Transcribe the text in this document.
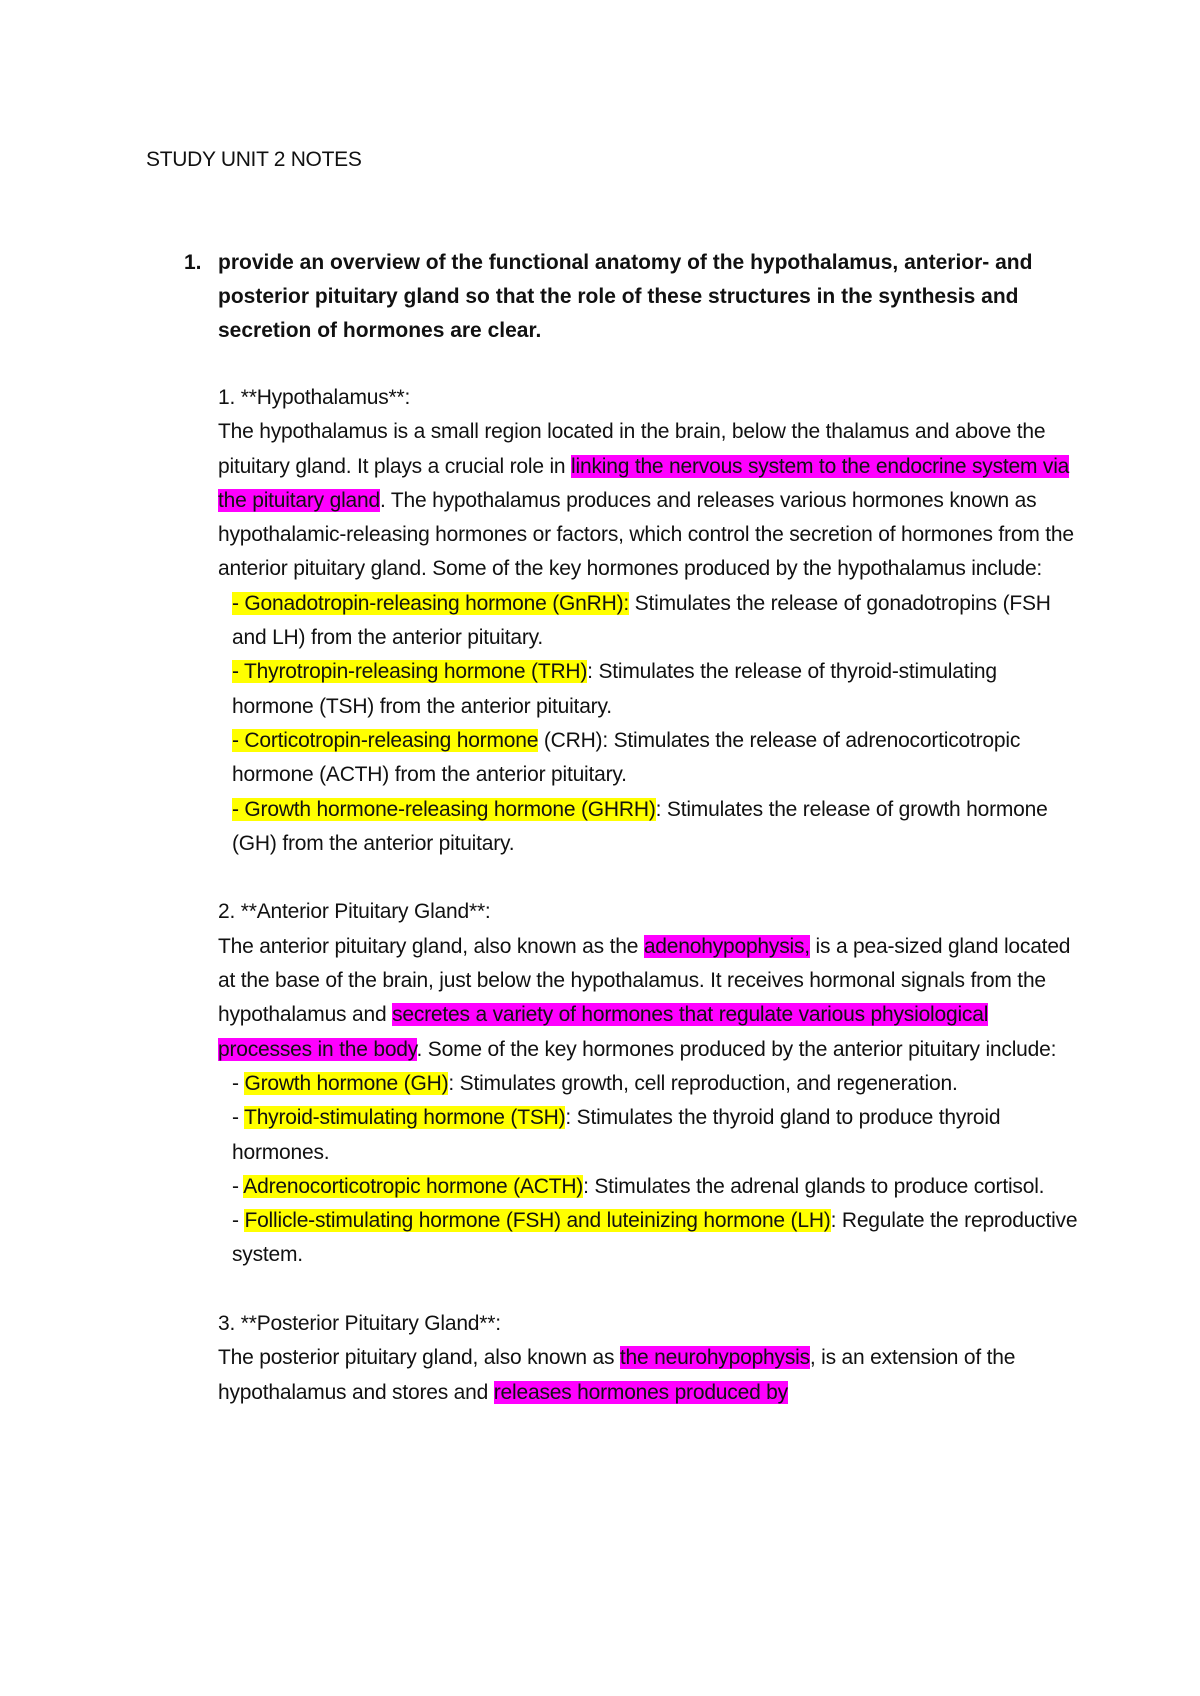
STUDY UNIT 2 NOTES
1. provide an overview of the functional anatomy of the hypothalamus, anterior- and posterior pituitary gland so that the role of these structures in the synthesis and secretion of hormones are clear.

1. **Hypothalamus**:

The hypothalamus is a small region located in the brain, below the thalamus and above the pituitary gland. It plays a crucial role in linking the nervous system to the endocrine system via the pituitary gland. The hypothalamus produces and releases various hormones known as hypothalamic-releasing hormones or factors, which control the secretion of hormones from the anterior pituitary gland. Some of the key hormones produced by the hypothalamus include:

- Gonadotropin-releasing hormone (GnRH): Stimulates the release of gonadotropins (FSH and LH) from the anterior pituitary.

- Thyrotropin-releasing hormone (TRH): Stimulates the release of thyroid-stimulating hormone (TSH) from the anterior pituitary.

- Corticotropin-releasing hormone (CRH): Stimulates the release of adrenocorticotropic hormone (ACTH) from the anterior pituitary.

- Growth hormone-releasing hormone (GHRH): Stimulates the release of growth hormone (GH) from the anterior pituitary.

2. **Anterior Pituitary Gland**:

The anterior pituitary gland, also known as the adenohypophysis, is a pea-sized gland located at the base of the brain, just below the hypothalamus. It receives hormonal signals from the hypothalamus and secretes a variety of hormones that regulate various physiological processes in the body. Some of the key hormones produced by the anterior pituitary include:

- Growth hormone (GH): Stimulates growth, cell reproduction, and regeneration.

- Thyroid-stimulating hormone (TSH): Stimulates the thyroid gland to produce thyroid hormones.

- Adrenocorticotropic hormone (ACTH): Stimulates the adrenal glands to produce cortisol.

- Follicle-stimulating hormone (FSH) and luteinizing hormone (LH): Regulate the reproductive system.

3. **Posterior Pituitary Gland**:

The posterior pituitary gland, also known as the neurohypophysis, is an extension of the hypothalamus and stores and releases hormones produced by
